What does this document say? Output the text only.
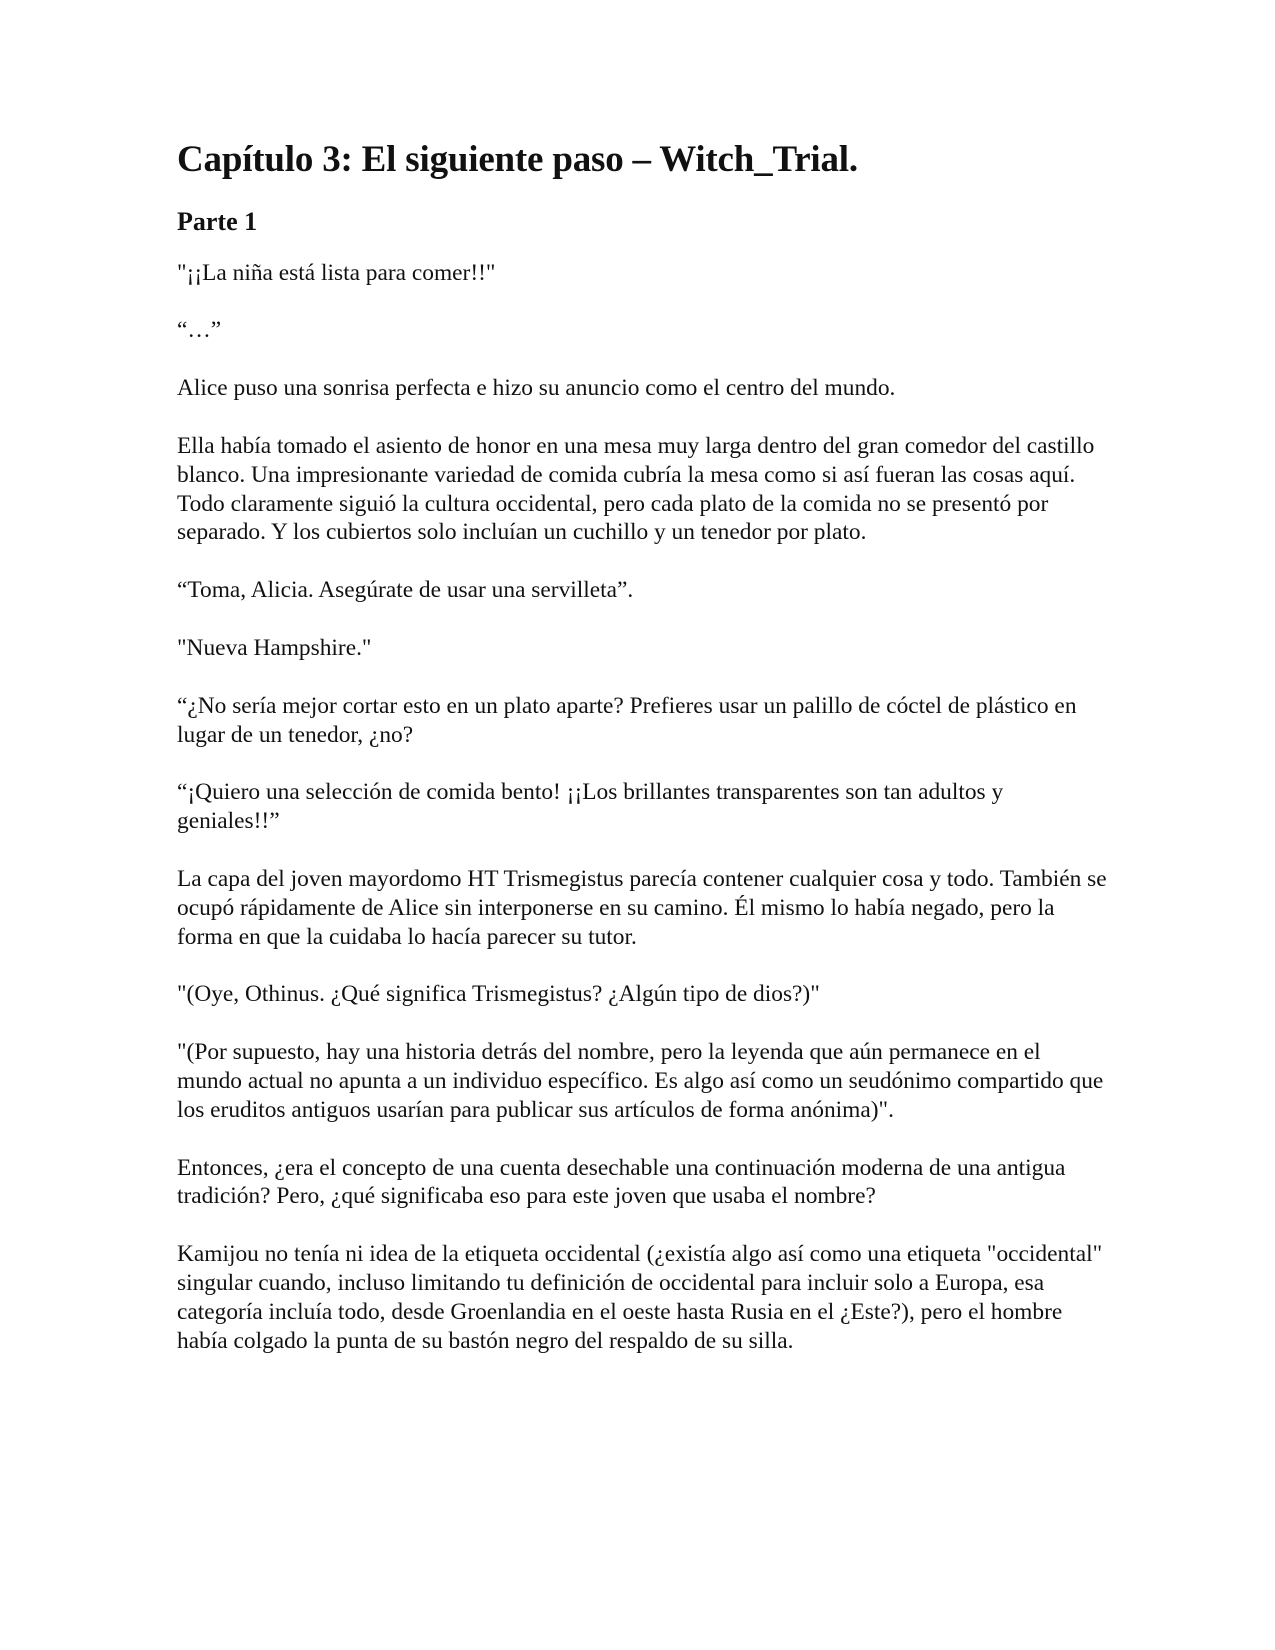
Capítulo 3: El siguiente paso – Witch_Trial.
Parte 1

"¡¡La niña está lista para comer!!"

“…”

Alice puso una sonrisa perfecta e hizo su anuncio como el centro del mundo.

Ella había tomado el asiento de honor en una mesa muy larga dentro del gran comedor del castillo blanco. Una impresionante variedad de comida cubría la mesa como si así fueran las cosas aquí. Todo claramente siguió la cultura occidental, pero cada plato de la comida no se presentó por separado. Y los cubiertos solo incluían un cuchillo y un tenedor por plato.

“Toma, Alicia. Asegúrate de usar una servilleta”.

"Nueva Hampshire."

“¿No sería mejor cortar esto en un plato aparte? Prefieres usar un palillo de cóctel de plástico en lugar de un tenedor, ¿no?

“¡Quiero una selección de comida bento! ¡¡Los brillantes transparentes son tan adultos y geniales!!”

La capa del joven mayordomo HT Trismegistus parecía contener cualquier cosa y todo. También se ocupó rápidamente de Alice sin interponerse en su camino. Él mismo lo había negado, pero la forma en que la cuidaba lo hacía parecer su tutor.

"(Oye, Othinus. ¿Qué significa Trismegistus? ¿Algún tipo de dios?)"

"(Por supuesto, hay una historia detrás del nombre, pero la leyenda que aún permanece en el mundo actual no apunta a un individuo específico. Es algo así como un seudónimo compartido que los eruditos antiguos usarían para publicar sus artículos de forma anónima)".

Entonces, ¿era el concepto de una cuenta desechable una continuación moderna de una antigua tradición? Pero, ¿qué significaba eso para este joven que usaba el nombre?

Kamijou no tenía ni idea de la etiqueta occidental (¿existía algo así como una etiqueta "occidental" singular cuando, incluso limitando tu definición de occidental para incluir solo a Europa, esa categoría incluía todo, desde Groenlandia en el oeste hasta Rusia en el ¿Este?), pero el hombre había colgado la punta de su bastón negro del respaldo de su silla.
